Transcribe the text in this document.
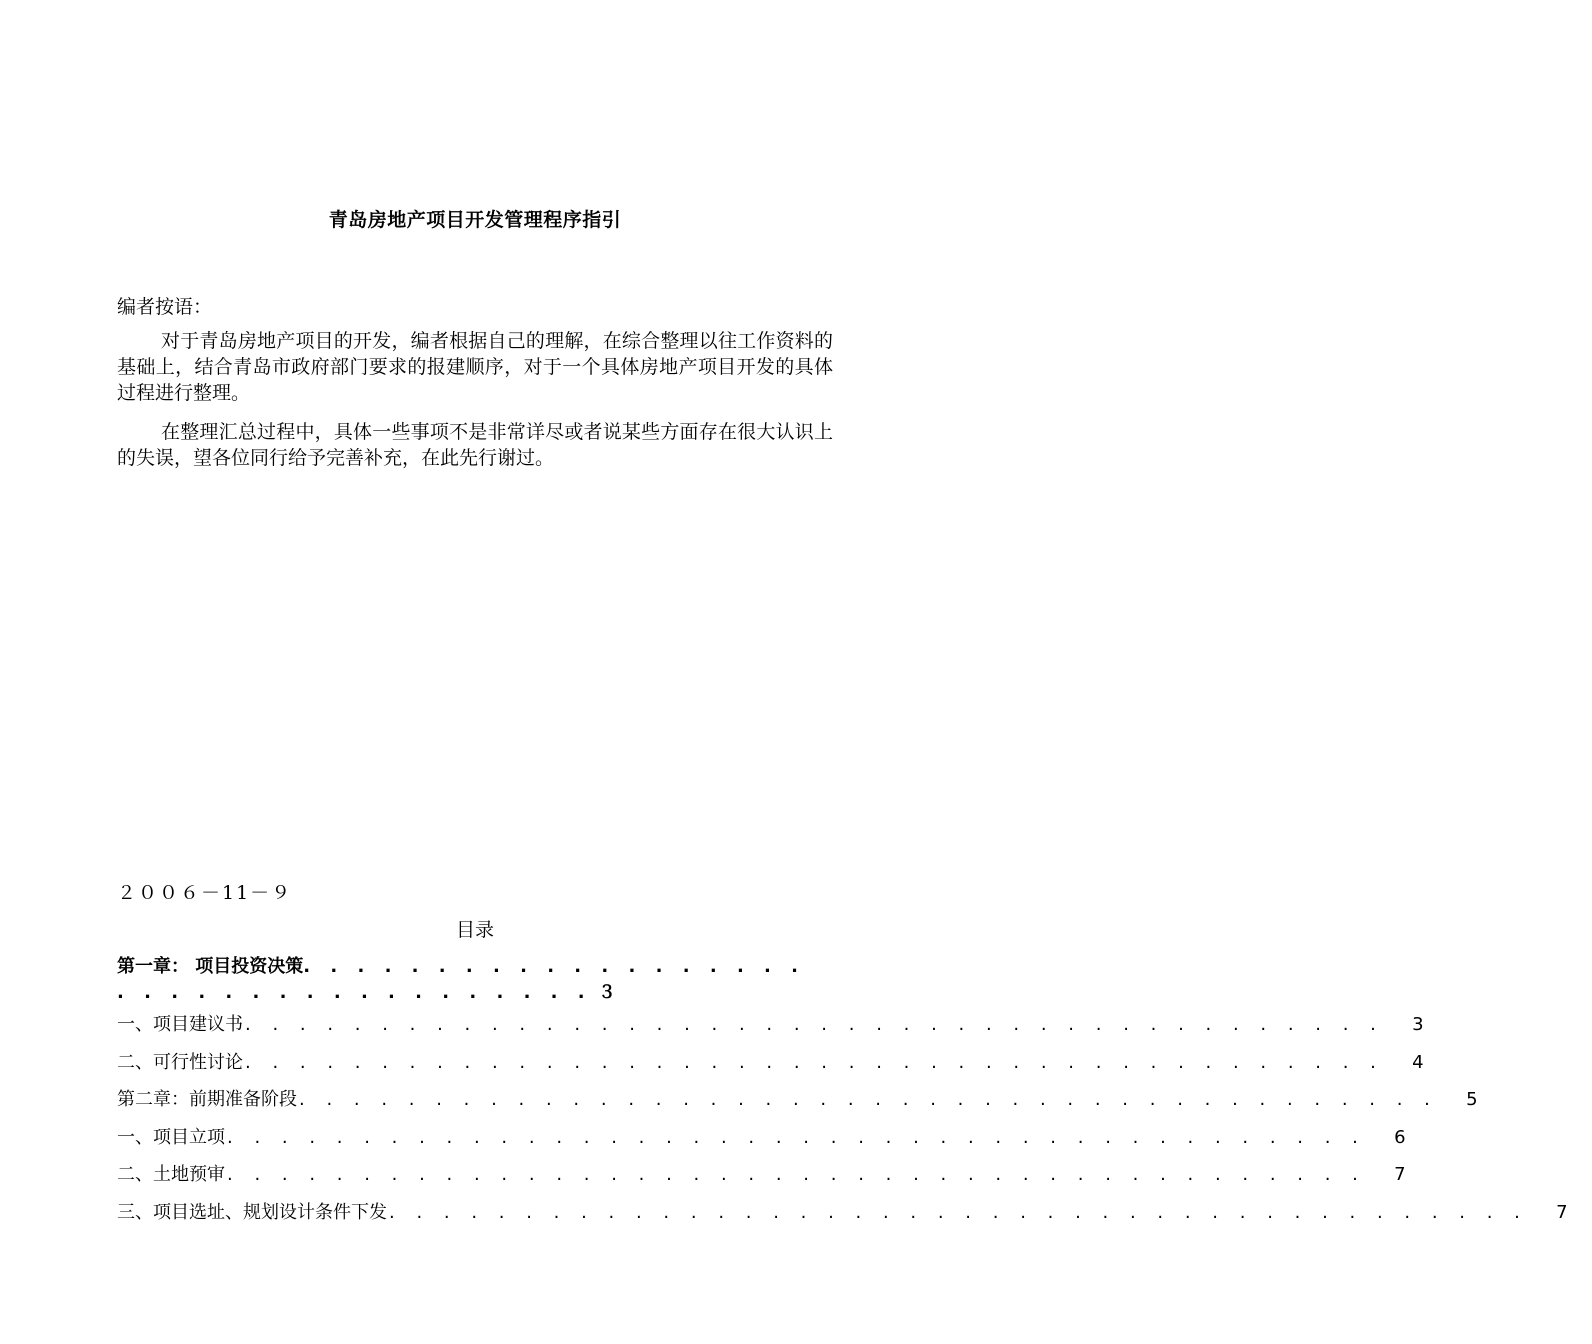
青岛房地产项目开发管理程序指引
编者按语：
对于青岛房地产项目的开发，编者根据自己的理解，在综合整理以往工作资料的基础上，结合青岛市政府部门要求的报建顺序，对于一个具体房地产项目开发的具体过程进行整理。
在整理汇总过程中，具体一些事项不是非常详尽或者说某些方面存在很大认识上的失误，望各位同行给予完善补充，在此先行谢过。
２００６－11－９
目录
第一章： 项目投资决策. . . . . . . . . . . . . . . . . . . . . . . . . . . . . . . . . . . . . ３
一、项目建议书 . . . . . . . . . . . . . . . . . . . . . . . . . . . . . . . . . . . . . . . . . .	3
二、可行性讨论 . . . . . . . . . . . . . . . . . . . . . . . . . . . . . . . . . . . . . . . . . .	4
第二章：前期准备阶段 . . . . . . . . . . . . . . . . . . . . . . . . . . . . . . . . . . . . . . . . . .	5
一、项目立项 . . . . . . . . . . . . . . . . . . . . . . . . . . . . . . . . . . . . . . . . . .	6
二、土地预审 . . . . . . . . . . . . . . . . . . . . . . . . . . . . . . . . . . . . . . . . . .	7
三、项目选址、规划设计条件下发 . . . . . . . . . . . . . . . . . . . . . . . . . . . . . . . . . . . . . . . . . .	7
